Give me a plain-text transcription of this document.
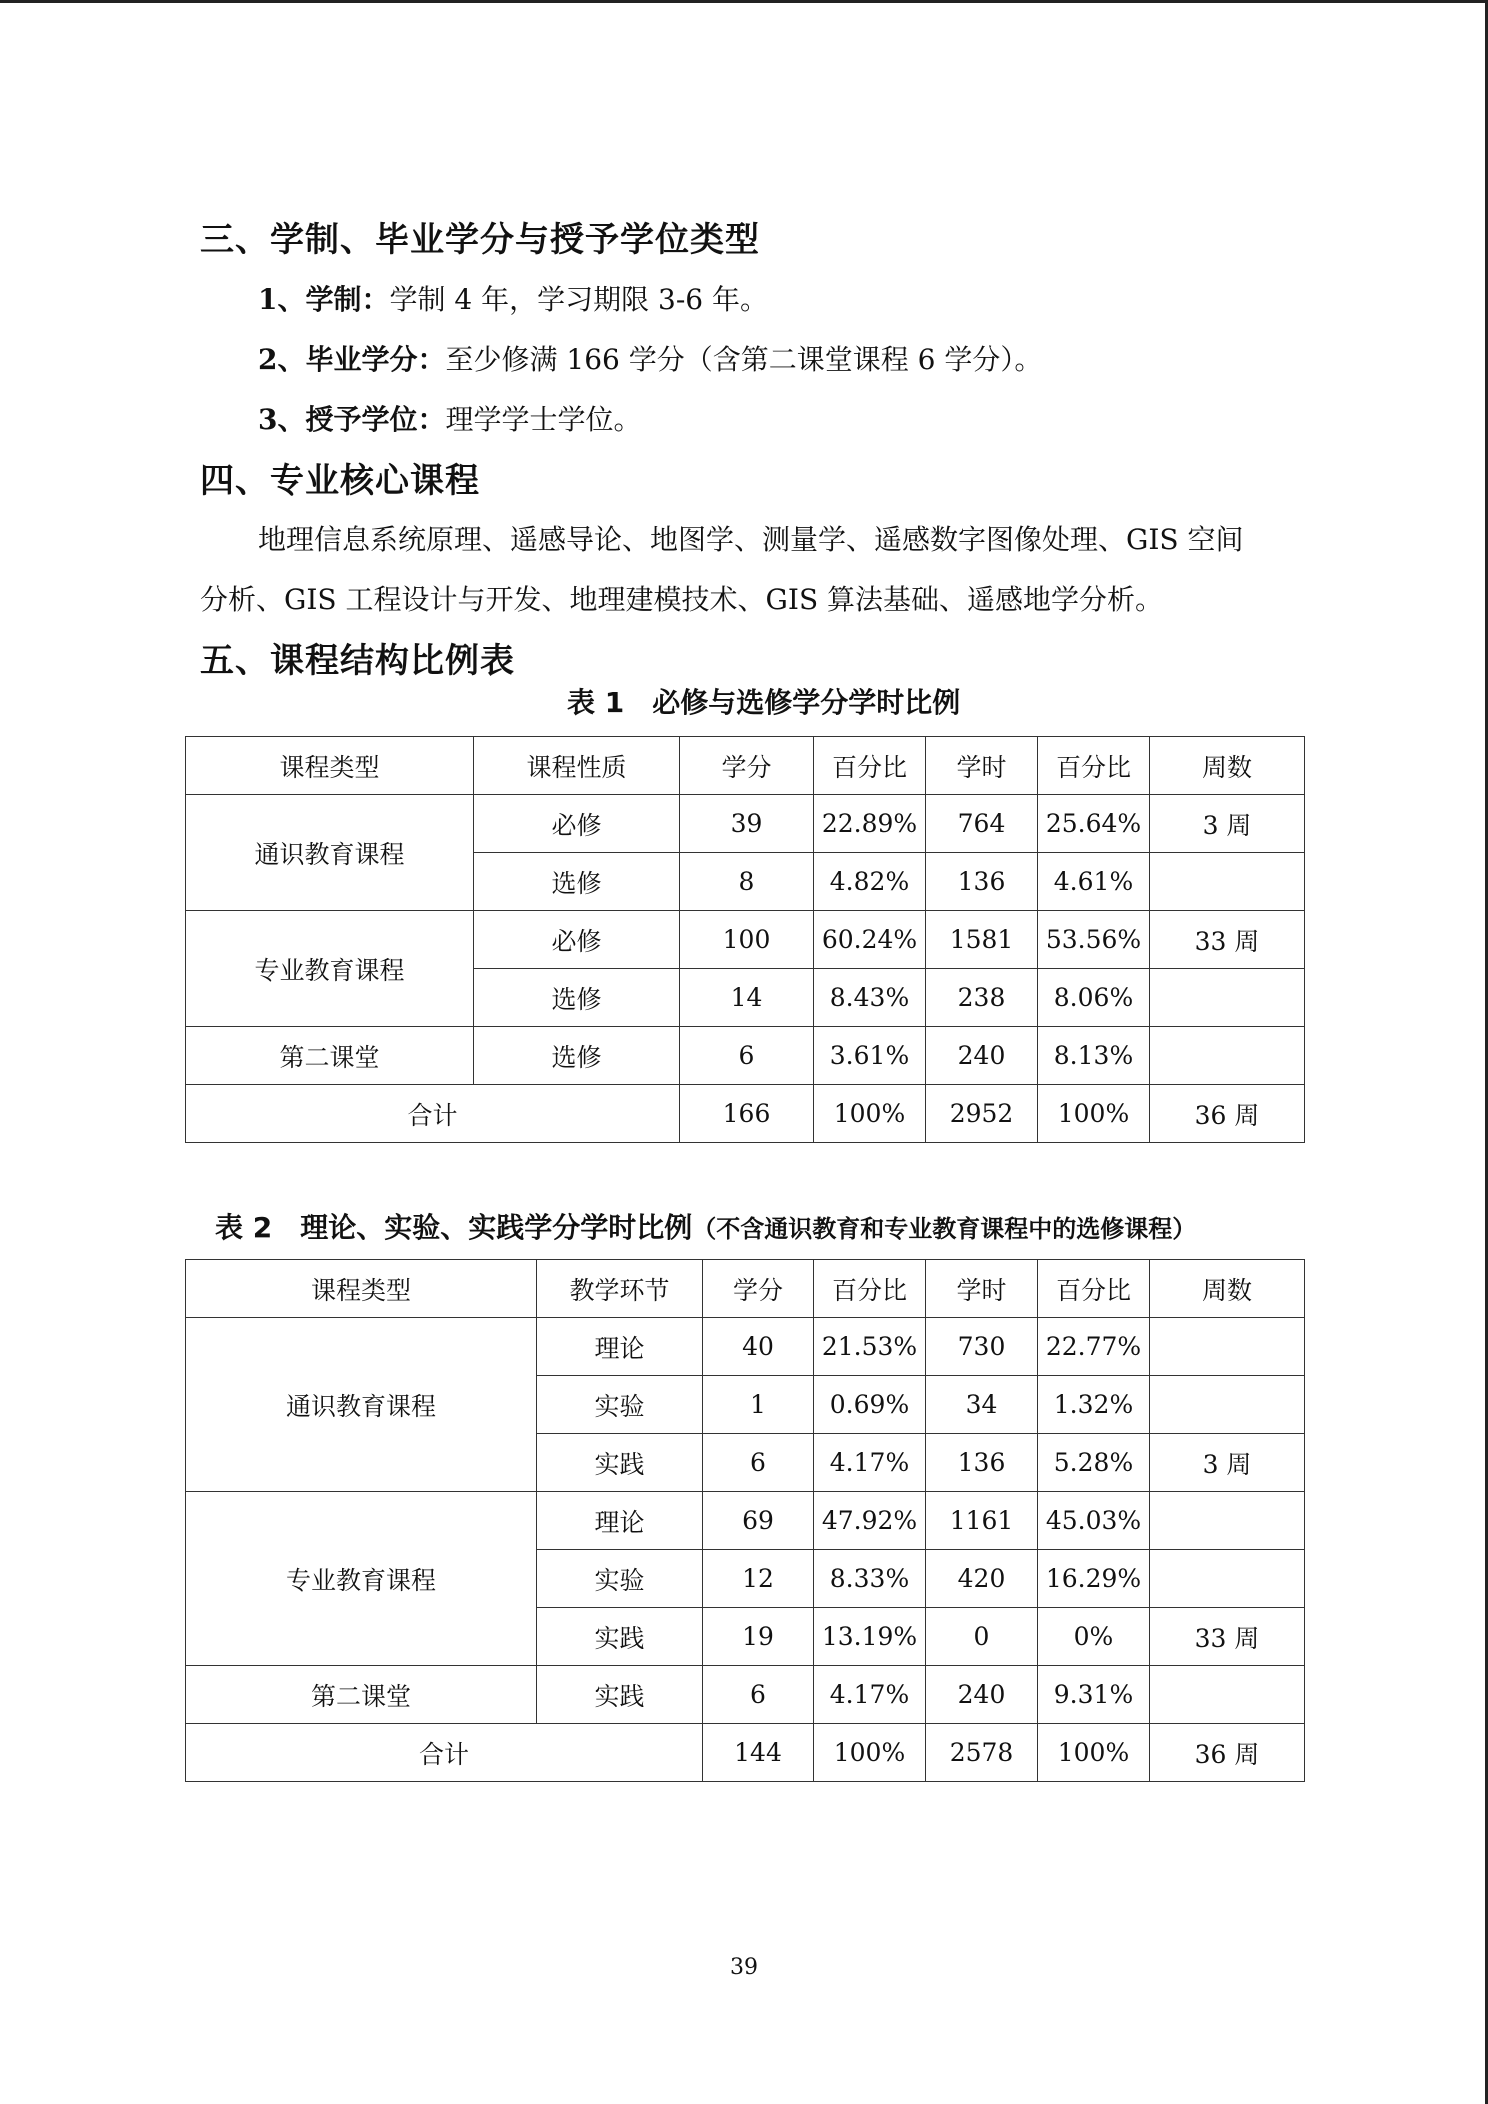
三、学制、毕业学分与授予学位类型
1、学制：学制 4 年，学习期限 3-6 年。
2、毕业学分：至少修满 166 学分（含第二课堂课程 6 学分）。
3、授予学位：理学学士学位。
四、专业核心课程
地理信息系统原理、遥感导论、地图学、测量学、遥感数字图像处理、GIS 空间
分析、GIS 工程设计与开发、地理建模技术、GIS 算法基础、遥感地学分析。
五、课程结构比例表
表 1　必修与选修学分学时比例
课程类型	课程性质	学分	百分比	学时	百分比	周数
通识教育课程	必修	39	22.89%	764	25.64%	3 周
	选修	8	4.82%	136	4.61%	
专业教育课程	必修	100	60.24%	1581	53.56%	33 周
	选修	14	8.43%	238	8.06%	
第二课堂	选修	6	3.61%	240	8.13%	
合计		166	100%	2952	100%	36 周
表 2　理论、实验、实践学分学时比例（不含通识教育和专业教育课程中的选修课程）
课程类型	教学环节	学分	百分比	学时	百分比	周数
通识教育课程	理论	40	21.53%	730	22.77%	
	实验	1	0.69%	34	1.32%	
	实践	6	4.17%	136	5.28%	3 周
专业教育课程	理论	69	47.92%	1161	45.03%	
	实验	12	8.33%	420	16.29%	
	实践	19	13.19%	0	0%	33 周
第二课堂	实践	6	4.17%	240	9.31%	
合计		144	100%	2578	100%	36 周
39
